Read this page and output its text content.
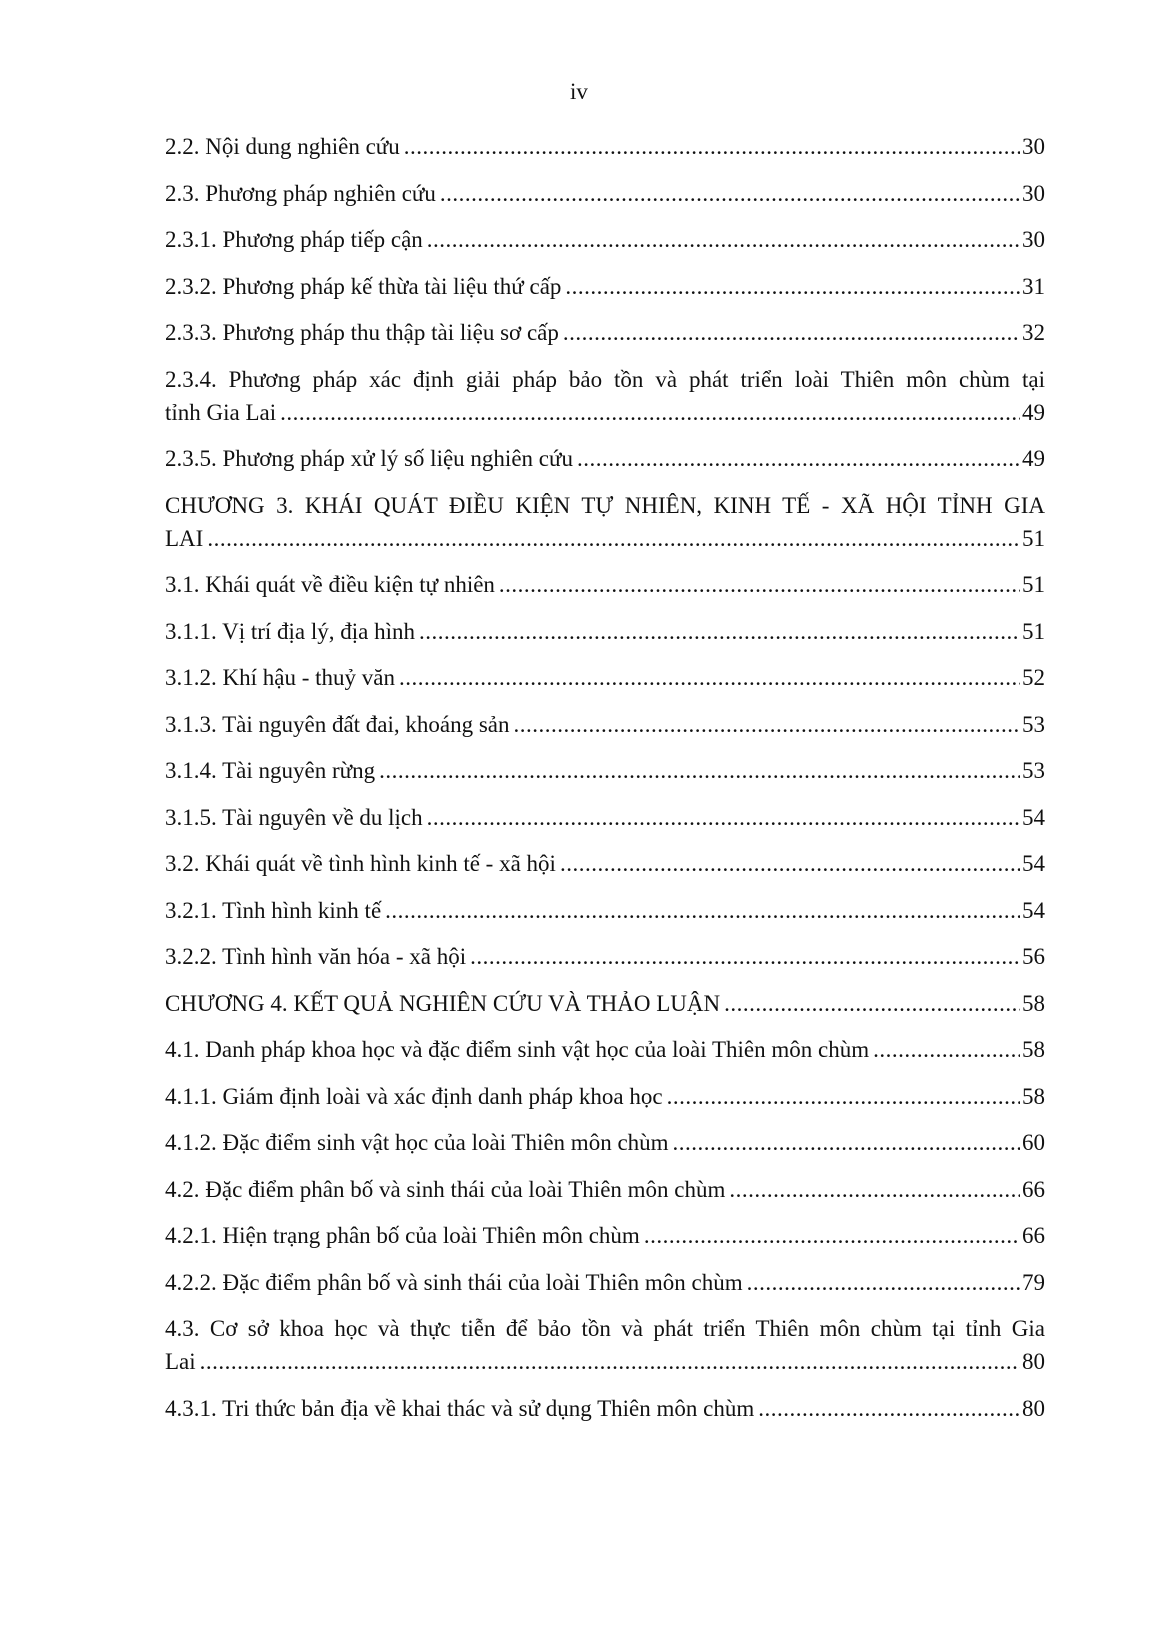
iv
2.2. Nội dung nghiên cứu .....	30
2.3. Phương pháp nghiên cứu .....	30
2.3.1. Phương pháp tiếp cận .....	30
2.3.2. Phương pháp kế thừa tài liệu thứ cấp .....	31
2.3.3. Phương pháp thu thập tài liệu sơ cấp .....	32
2.3.4. Phương pháp xác định giải pháp bảo tồn và phát triển loài Thiên môn chùm tại
tỉnh Gia Lai .....	49
2.3.5. Phương pháp xử lý số liệu nghiên cứu .....	49
CHƯƠNG 3. KHÁI QUÁT ĐIỀU KIỆN TỰ NHIÊN, KINH TẾ - XÃ HỘI TỈNH GIA
LAI .....	51
3.1. Khái quát về điều kiện tự nhiên .....	51
3.1.1. Vị trí địa lý, địa hình .....	51
3.1.2. Khí hậu - thuỷ văn .....	52
3.1.3. Tài nguyên đất đai, khoáng sản .....	53
3.1.4. Tài nguyên rừng .....	53
3.1.5. Tài nguyên về du lịch .....	54
3.2. Khái quát về tình hình kinh tế - xã hội .....	54
3.2.1. Tình hình kinh tế .....	54
3.2.2. Tình hình văn hóa - xã hội .....	56
CHƯƠNG 4. KẾT QUẢ NGHIÊN CỨU VÀ THẢO LUẬN .....	58
4.1. Danh pháp khoa học và đặc điểm sinh vật học của loài Thiên môn chùm .....	58
4.1.1. Giám định loài và xác định danh pháp khoa học .....	58
4.1.2. Đặc điểm sinh vật học của loài Thiên môn chùm .....	60
4.2. Đặc điểm phân bố và sinh thái của loài Thiên môn chùm .....	66
4.2.1. Hiện trạng phân bố của loài Thiên môn chùm .....	66
4.2.2. Đặc điểm phân bố và sinh thái của loài Thiên môn chùm .....	79
4.3. Cơ sở khoa học và thực tiễn để bảo tồn và phát triển Thiên môn chùm tại tỉnh Gia
Lai .....	80
4.3.1. Tri thức bản địa về khai thác và sử dụng Thiên môn chùm .....	80
